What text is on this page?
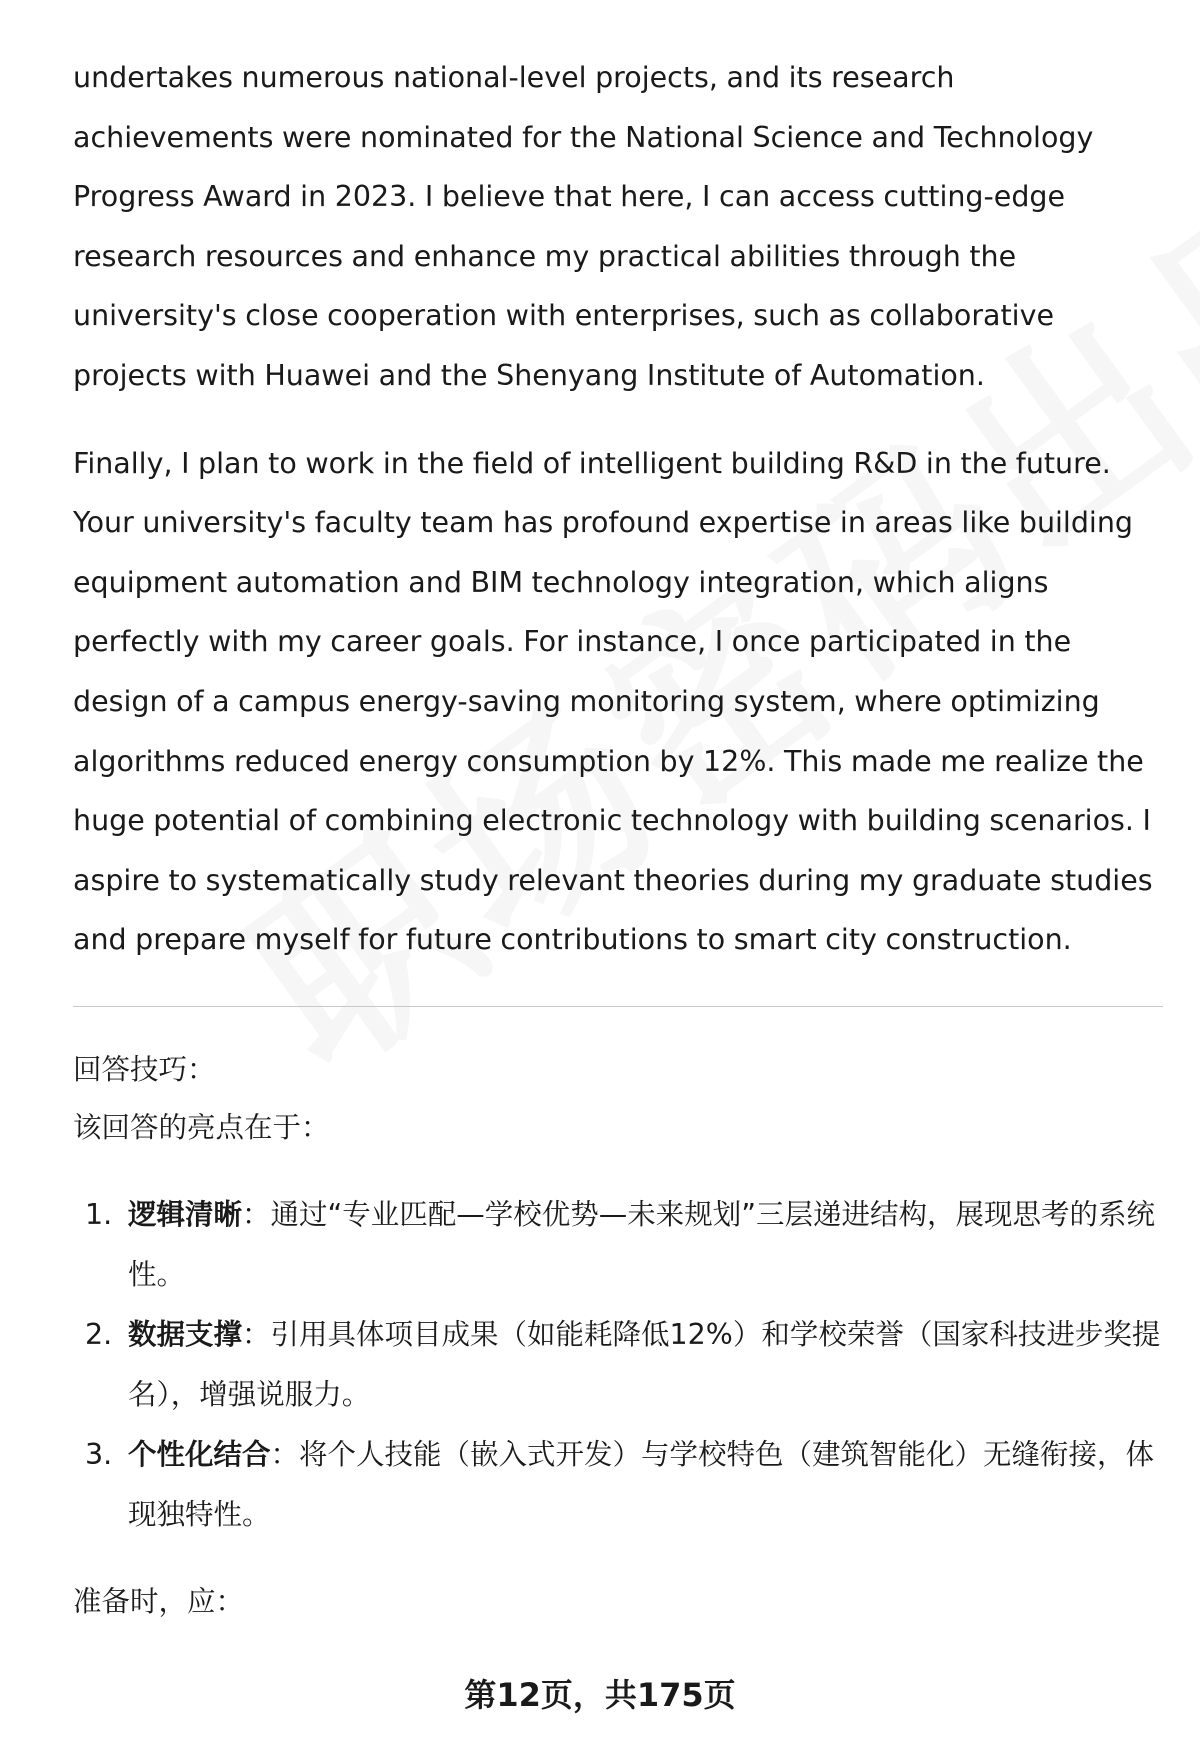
undertakes numerous national-level projects, and its research achievements were nominated for the National Science and Technology Progress Award in 2023. I believe that here, I can access cutting-edge research resources and enhance my practical abilities through the university's close cooperation with enterprises, such as collaborative projects with Huawei and the Shenyang Institute of Automation.

Finally, I plan to work in the field of intelligent building R&D in the future. Your university's faculty team has profound expertise in areas like building equipment automation and BIM technology integration, which aligns perfectly with my career goals. For instance, I once participated in the design of a campus energy-saving monitoring system, where optimizing algorithms reduced energy consumption by 12%. This made me realize the huge potential of combining electronic technology with building scenarios. I aspire to systematically study relevant theories during my graduate studies and prepare myself for future contributions to smart city construction.

回答技巧：

该回答的亮点在于：

1. 逻辑清晰：通过“专业匹配—学校优势—未来规划”三层递进结构，展现思考的系统性。
2. 数据支撑：引用具体项目成果（如能耗降低12%）和学校荣誉（国家科技进步奖提名），增强说服力。
3. 个性化结合：将个人技能（嵌入式开发）与学校特色（建筑智能化）无缝衔接，体现独特性。

准备时，应：

第12页，共175页
